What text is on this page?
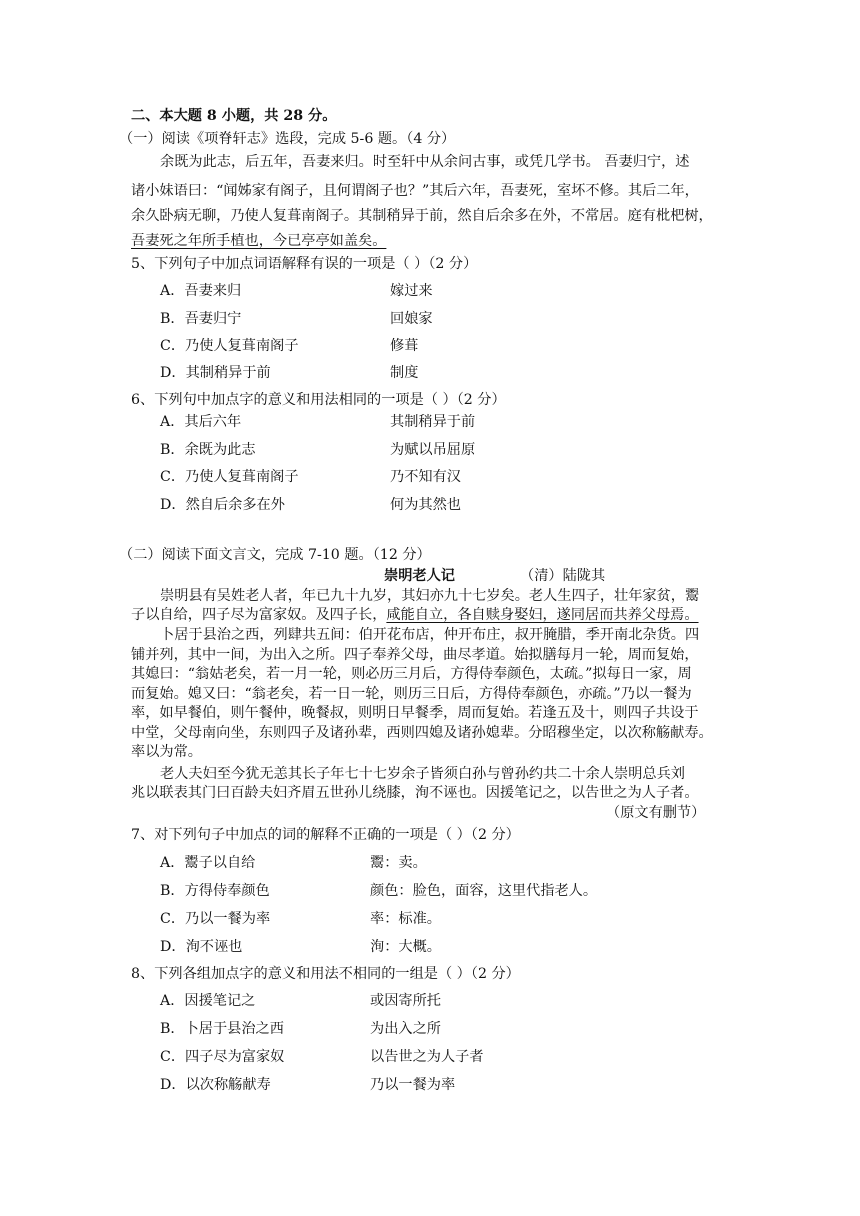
二、本大题 8 小题，共 28 分。
（一）阅读《项脊轩志》选段，完成 5-6 题。（4 分）
余既为此志，后五年，吾妻来归。时至轩中从余问古事，或凭几学书。 吾妻归宁，述
诸小妹语曰：“闻姊家有阁子，且何谓阁子也？”其后六年，吾妻死，室坏不修。其后二年，
余久卧病无聊，乃使人复葺南阁子。其制稍异于前，然自后余多在外，不常居。庭有枇杷树，
吾妻死之年所手植也，今已亭亭如盖矣。
5、下列句子中加点词语解释有误的一项是（ ）（2 分）
A．吾妻来归	嫁过来
B．吾妻归宁	回娘家
C．乃使人复葺南阁子	修葺
D．其制稍异于前	制度
6、下列句中加点字的意义和用法相同的一项是（ ）（2 分）
A．其后六年	其制稍异于前
B．余既为此志	为赋以吊屈原
C．乃使人复葺南阁子	乃不知有汉
D．然自后余多在外	何为其然也
（二）阅读下面文言文，完成 7-10 题。（12 分）
崇明老人记	（清）陆陇其
崇明县有吴姓老人者，年已九十九岁，其妇亦九十七岁矣。老人生四子，壮年家贫，鬻
子以自给，四子尽为富家奴。及四子长，咸能自立，各自赎身娶妇，遂同居而共养父母焉。
卜居于县治之西，列肆共五间：伯开花布店，仲开布庄，叔开腌腊，季开南北杂货。四
铺并列，其中一间，为出入之所。四子奉养父母，曲尽孝道。始拟膳每月一轮，周而复始，
其媳曰：“翁姑老矣，若一月一轮，则必历三月后，方得侍奉颜色，太疏。”拟每日一家，周
而复始。媳又曰：“翁老矣，若一日一轮，则历三日后，方得侍奉颜色，亦疏。”乃以一餐为
率，如早餐伯，则午餐仲，晚餐叔，则明日早餐季，周而复始。若逢五及十，则四子共设于
中堂，父母南向坐，东则四子及诸孙辈，西则四媳及诸孙媳辈。分昭穆坐定，以次称觞献寿。
率以为常。
老人夫妇至今犹无恙其长子年七十七岁余子皆须白孙与曾孙约共二十余人崇明总兵刘
兆以联表其门曰百龄夫妇齐眉五世孙儿绕膝，洵不诬也。因援笔记之，以告世之为人子者。
（原文有删节）
7、对下列句子中加点的词的解释不正确的一项是（ ）（2 分）
A．鬻子以自给	鬻：卖。
B．方得侍奉颜色	颜色：脸色，面容，这里代指老人。
C．乃以一餐为率	率：标准。
D．洵不诬也	洵：大概。
8、下列各组加点字的意义和用法不相同的一组是（ ）（2 分）
A．因援笔记之	或因寄所托
B．卜居于县治之西	为出入之所
C．四子尽为富家奴	以告世之为人子者
D．以次称觞献寿	乃以一餐为率
